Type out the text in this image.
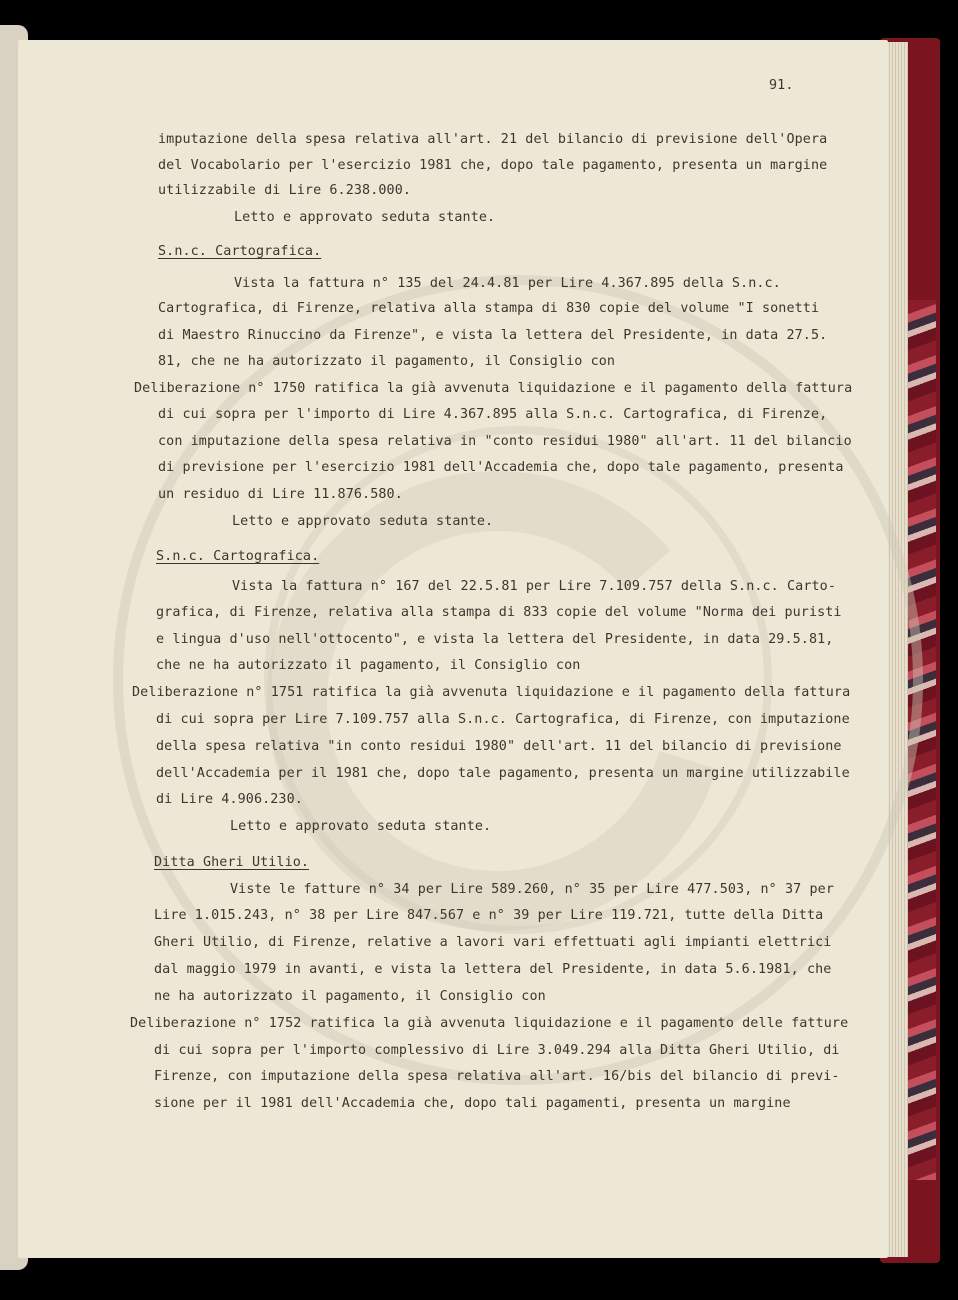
91.
imputazione della spesa relativa all'art. 21 del bilancio di previsione dell'Opera
del Vocabolario per l'esercizio 1981 che, dopo tale pagamento, presenta un margine
utilizzabile di Lire 6.238.000.
Letto e approvato seduta stante.
S.n.c. Cartografica.
Vista la fattura n° 135 del 24.4.81 per Lire 4.367.895 della S.n.c.
Cartografica, di Firenze, relativa alla stampa di 830 copie del volume "I sonetti
di Maestro Rinuccino da Firenze", e vista la lettera del Presidente, in data 27.5.
81, che ne ha autorizzato il pagamento, il Consiglio con
Deliberazione n° 1750 ratifica la già avvenuta liquidazione e il pagamento della fattura
di cui sopra per l'importo di Lire 4.367.895 alla S.n.c. Cartografica, di Firenze,
con imputazione della spesa relativa in "conto residui 1980" all'art. 11 del bilancio
di previsione per l'esercizio 1981 dell'Accademia che, dopo tale pagamento, presenta
un residuo di Lire 11.876.580.
Letto e approvato seduta stante.
S.n.c. Cartografica.
Vista la fattura n° 167 del 22.5.81 per Lire 7.109.757 della S.n.c. Carto-
grafica, di Firenze, relativa alla stampa di 833 copie del volume "Norma dei puristi
e lingua d'uso nell'ottocento", e vista la lettera del Presidente, in data 29.5.81,
che ne ha autorizzato il pagamento, il Consiglio con
Deliberazione n° 1751 ratifica la già avvenuta liquidazione e il pagamento della fattura
di cui sopra per Lire 7.109.757 alla S.n.c. Cartografica, di Firenze, con imputazione
della spesa relativa "in conto residui 1980" dell'art. 11 del bilancio di previsione
dell'Accademia per il 1981 che, dopo tale pagamento, presenta un margine utilizzabile
di Lire 4.906.230.
Letto e approvato seduta stante.
Ditta Gheri Utilio.
Viste le fatture n° 34 per Lire 589.260, n° 35 per Lire 477.503, n° 37 per
Lire 1.015.243, n° 38 per Lire 847.567 e n° 39 per Lire 119.721, tutte della Ditta
Gheri Utilio, di Firenze, relative a lavori vari effettuati agli impianti elettrici
dal maggio 1979 in avanti, e vista la lettera del Presidente, in data 5.6.1981, che
ne ha autorizzato il pagamento, il Consiglio con
Deliberazione n° 1752 ratifica la già avvenuta liquidazione e il pagamento delle fatture
di cui sopra per l'importo complessivo di Lire 3.049.294 alla Ditta Gheri Utilio, di
Firenze, con imputazione della spesa relativa all'art. 16/bis del bilancio di previ-
sione per il 1981 dell'Accademia che, dopo tali pagamenti, presenta un margine
